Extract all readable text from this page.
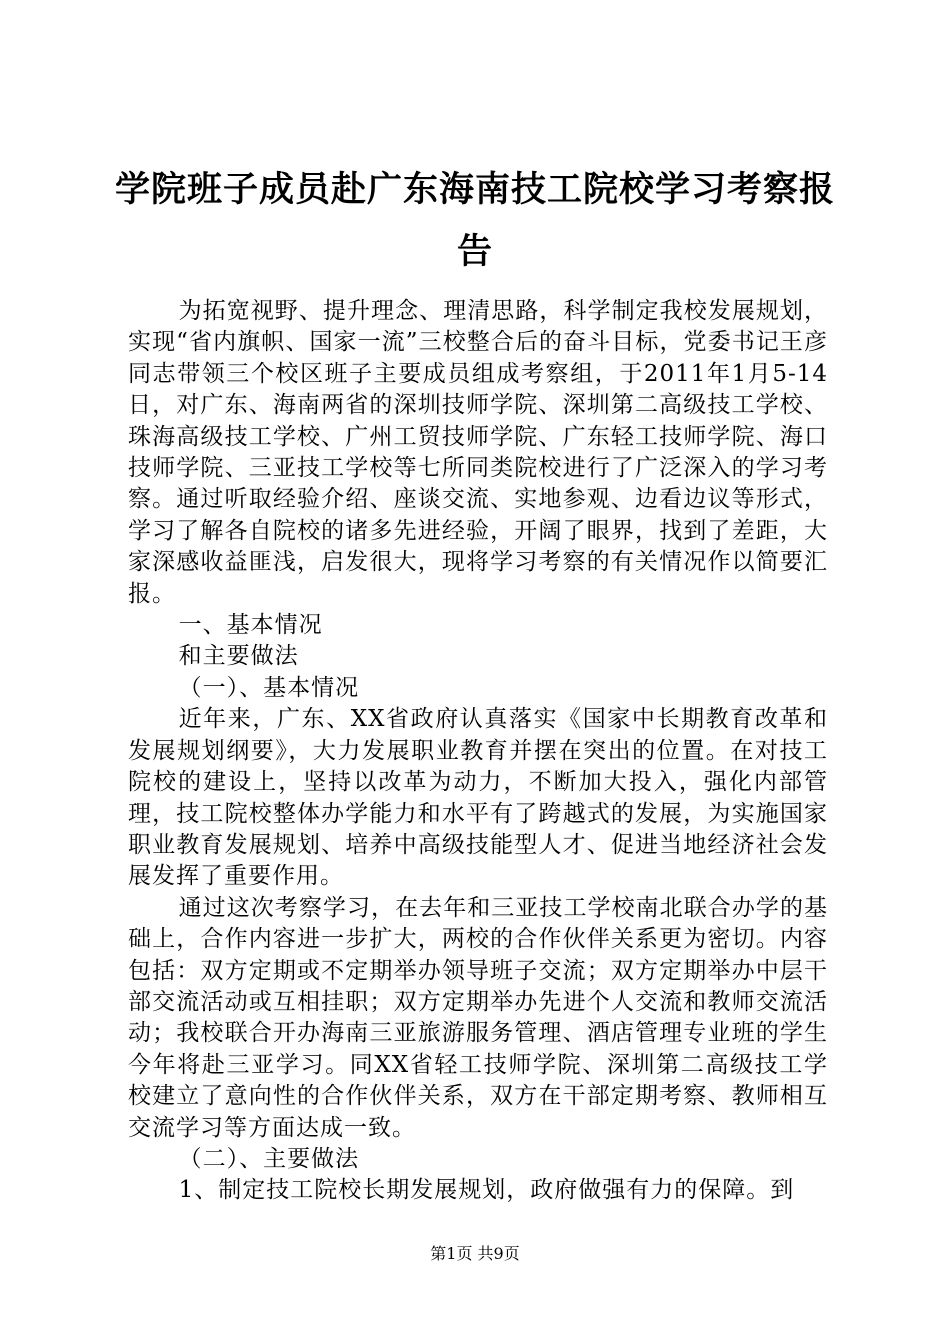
学院班子成员赴广东海南技工院校学习考察报
告

为拓宽视野、提升理念、理清思路，科学制定我校发展规划，实现“省内旗帜、国家一流”三校整合后的奋斗目标，党委书记王彦同志带领三个校区班子主要成员组成考察组，于2011年1月5-14日，对广东、海南两省的深圳技师学院、深圳第二高级技工学校、珠海高级技工学校、广州工贸技师学院、广东轻工技师学院、海口技师学院、三亚技工学校等七所同类院校进行了广泛深入的学习考察。通过听取经验介绍、座谈交流、实地参观、边看边议等形式，学习了解各自院校的诸多先进经验，开阔了眼界，找到了差距，大家深感收益匪浅，启发很大，现将学习考察的有关情况作以简要汇报。

一、基本情况

和主要做法

（一）、基本情况

近年来，广东、XX省政府认真落实《国家中长期教育改革和发展规划纲要》，大力发展职业教育并摆在突出的位置。在对技工院校的建设上，坚持以改革为动力，不断加大投入，强化内部管理，技工院校整体办学能力和水平有了跨越式的发展，为实施国家职业教育发展规划、培养中高级技能型人才、促进当地经济社会发展发挥了重要作用。

通过这次考察学习，在去年和三亚技工学校南北联合办学的基础上，合作内容进一步扩大，两校的合作伙伴关系更为密切。内容包括：双方定期或不定期举办领导班子交流；双方定期举办中层干部交流活动或互相挂职；双方定期举办先进个人交流和教师交流活动；我校联合开办海南三亚旅游服务管理、酒店管理专业班的学生今年将赴三亚学习。同XX省轻工技师学院、深圳第二高级技工学校建立了意向性的合作伙伴关系，双方在干部定期考察、教师相互交流学习等方面达成一致。

（二）、主要做法

1、制定技工院校长期发展规划，政府做强有力的保障。到

第1页 共9页
